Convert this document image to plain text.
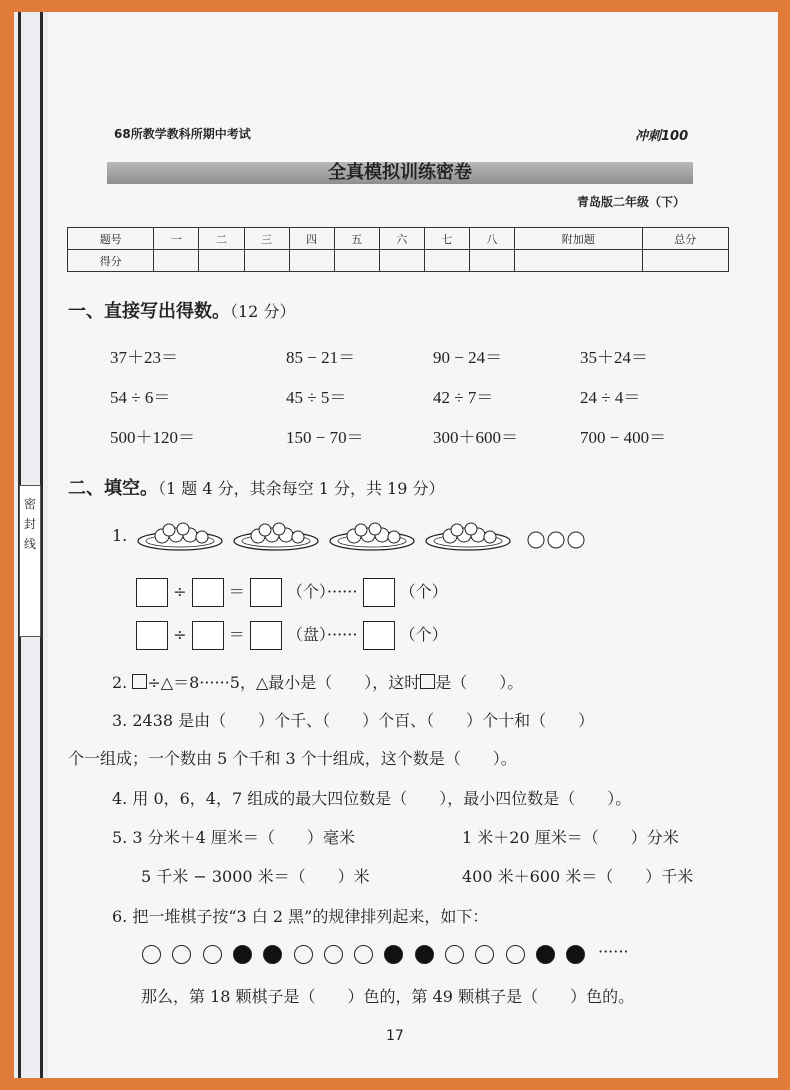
密 封 线
68所教学教科所期中考试	冲刺100
全真模拟训练密卷
青岛版二年级（下）
题号	一	二	三	四	五	六	七	八	附加题	总分
得分										
一、直接写出得数。（12 分）
37＋23＝	85 − 21＝	90 − 24＝	35＋24＝
54 ÷ 6＝	45 ÷ 5＝	42 ÷ 7＝	24 ÷ 4＝
500＋120＝	150 − 70＝	300＋600＝	700 − 400＝
二、填空。（1 题 4 分，其余每空 1 分，共 19 分）
1.
÷	＝	（个）······	（个）
÷	＝	（盘）······	（个）
2. ÷△＝8······5，△最小是（　　），这时 是（　　）。
3. 2438 是由（　　）个千、（　　）个百、（　　）个十和（　　）
个一组成；一个数由 5 个千和 3 个十组成，这个数是（　　）。
4. 用 0，6，4，7 组成的最大四位数是（　　），最小四位数是（　　）。
5. 3 分米＋4 厘米＝（　　）毫米	1 米＋20 厘米＝（　　）分米
5 千米 − 3000 米＝（　　）米	400 米＋600 米＝（　　）千米
6. 把一堆棋子按“3 白 2 黑”的规律排列起来，如下：
······
那么，第 18 颗棋子是（　　）色的，第 49 颗棋子是（　　）色的。
17
